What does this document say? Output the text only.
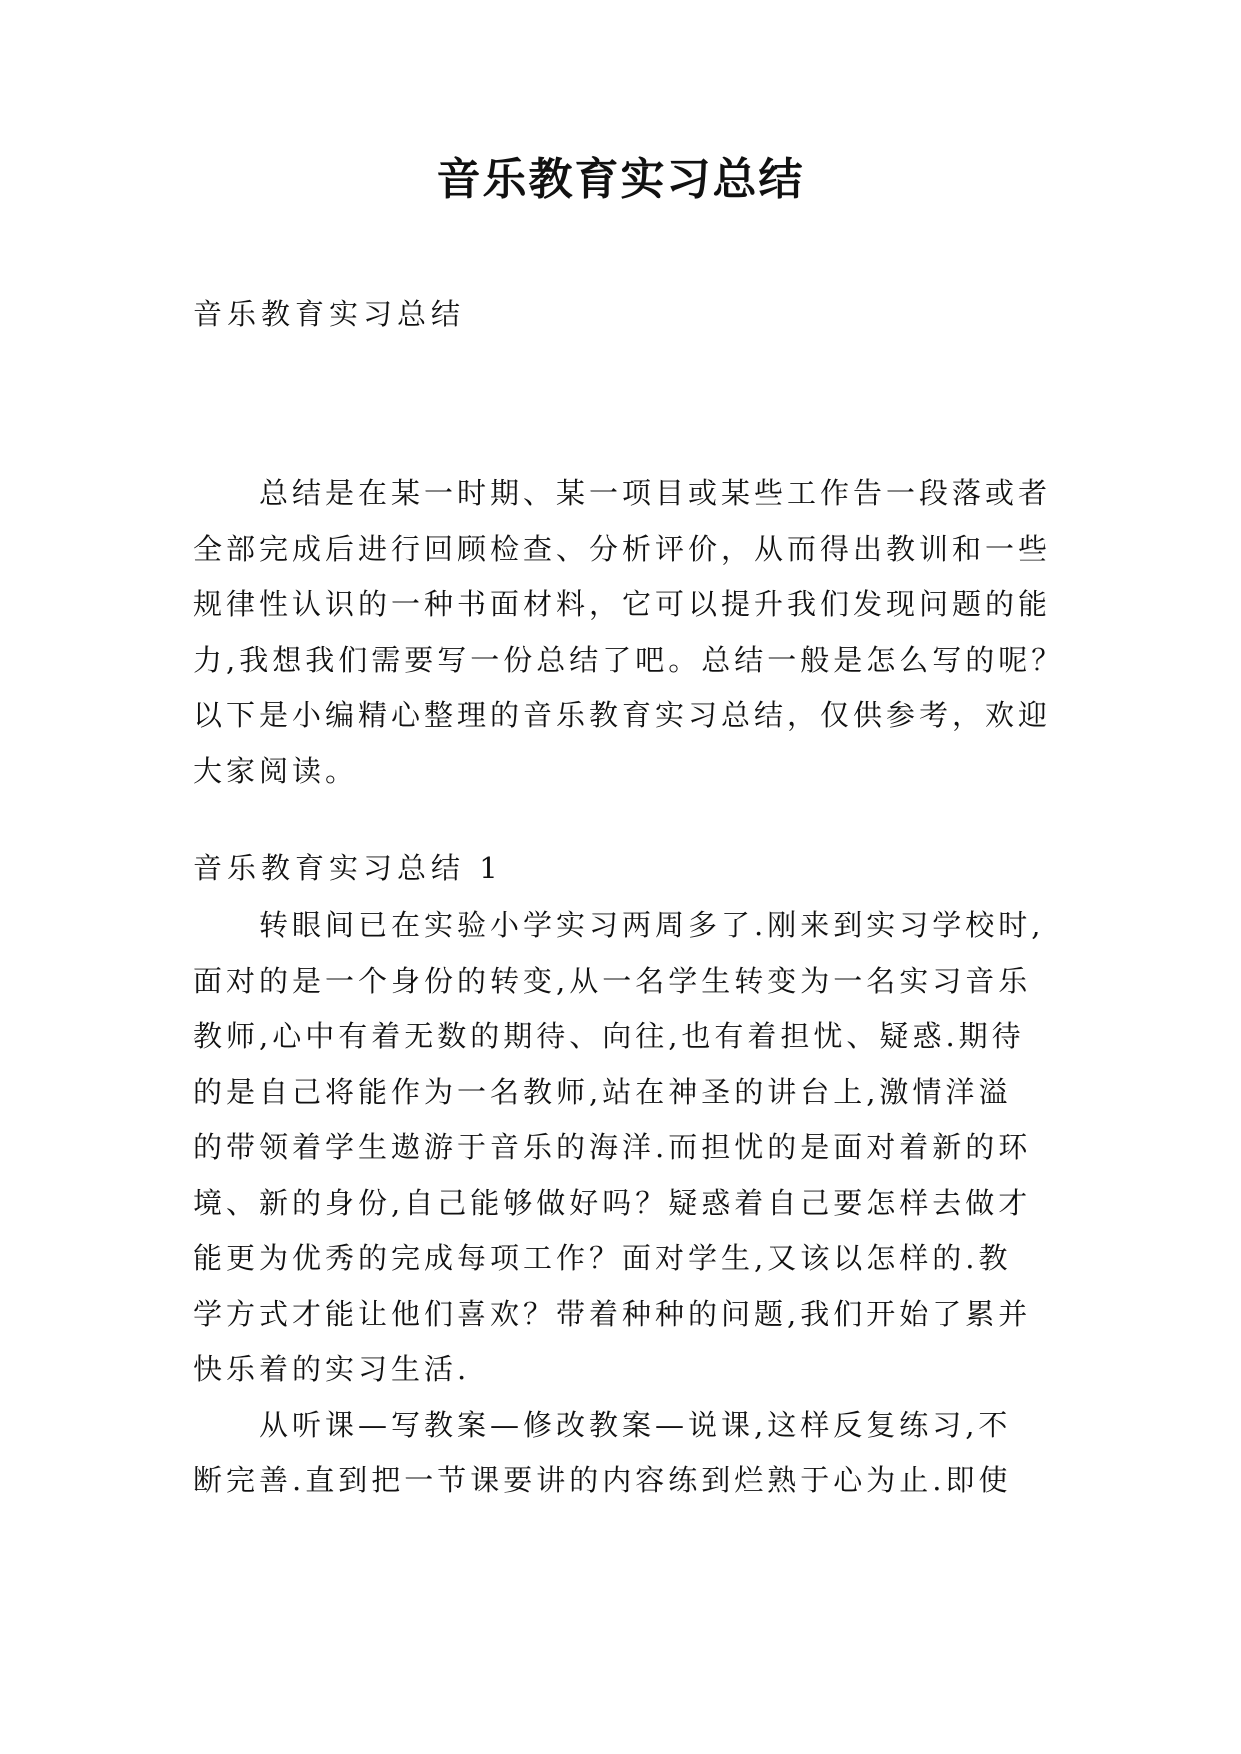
音乐教育实习总结
音乐教育实习总结
总结是在某一时期、某一项目或某些工作告一段落或者
全部完成后进行回顾检查、分析评价，从而得出教训和一些
规律性认识的一种书面材料，它可以提升我们发现问题的能
力,我想我们需要写一份总结了吧。总结一般是怎么写的呢？
以下是小编精心整理的音乐教育实习总结，仅供参考，欢迎
大家阅读。
音乐教育实习总结 1
转眼间已在实验小学实习两周多了.刚来到实习学校时,
面对的是一个身份的转变,从一名学生转变为一名实习音乐
教师,心中有着无数的期待、向往,也有着担忧、疑惑.期待
的是自己将能作为一名教师,站在神圣的讲台上,激情洋溢
的带领着学生遨游于音乐的海洋.而担忧的是面对着新的环
境、新的身份,自己能够做好吗？疑惑着自己要怎样去做才
能更为优秀的完成每项工作？面对学生,又该以怎样的.教
学方式才能让他们喜欢？带着种种的问题,我们开始了累并
快乐着的实习生活.
从听课—写教案—修改教案—说课,这样反复练习,不
断完善.直到把一节课要讲的内容练到烂熟于心为止.即使
